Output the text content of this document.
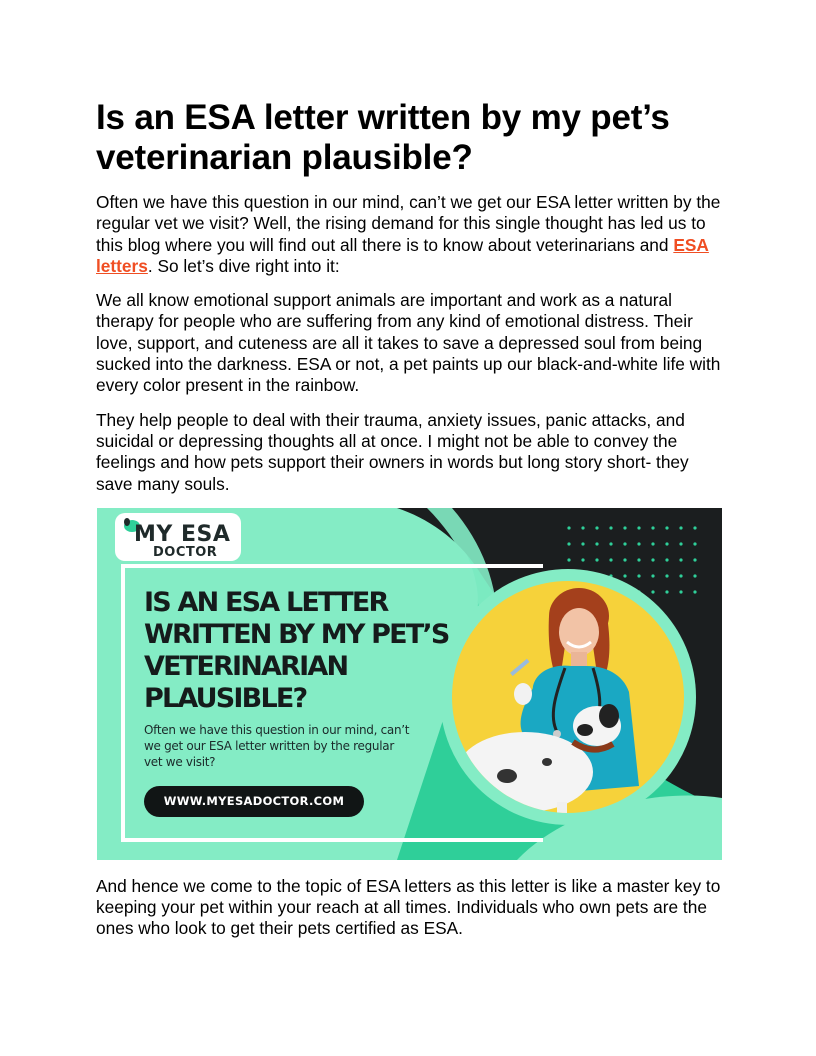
Is an ESA letter written by my pet’s veterinarian plausible?

Often we have this question in our mind, can’t we get our ESA letter written by the regular vet we visit? Well, the rising demand for this single thought has led us to this blog where you will find out all there is to know about veterinarians and ESA letters. So let’s dive right into it:

We all know emotional support animals are important and work as a natural therapy for people who are suffering from any kind of emotional distress. Their love, support, and cuteness are all it takes to save a depressed soul from being sucked into the darkness. ESA or not, a pet paints up our black-and-white life with every color present in the rainbow.

They help people to deal with their trauma, anxiety issues, panic attacks, and suicidal or depressing thoughts all at once. I might not be able to convey the feelings and how pets support their owners in words but long story short- they save many souls.

MY ESA
DOCTOR
IS AN ESA LETTER
WRITTEN BY MY PET’S
VETERINARIAN
PLAUSIBLE?
Often we have this question in our mind, can’t
we get our ESA letter written by the regular
vet we visit?
WWW.MYESADOCTOR.COM

And hence we come to the topic of ESA letters as this letter is like a master key to keeping your pet within your reach at all times. Individuals who own pets are the ones who look to get their pets certified as ESA.
